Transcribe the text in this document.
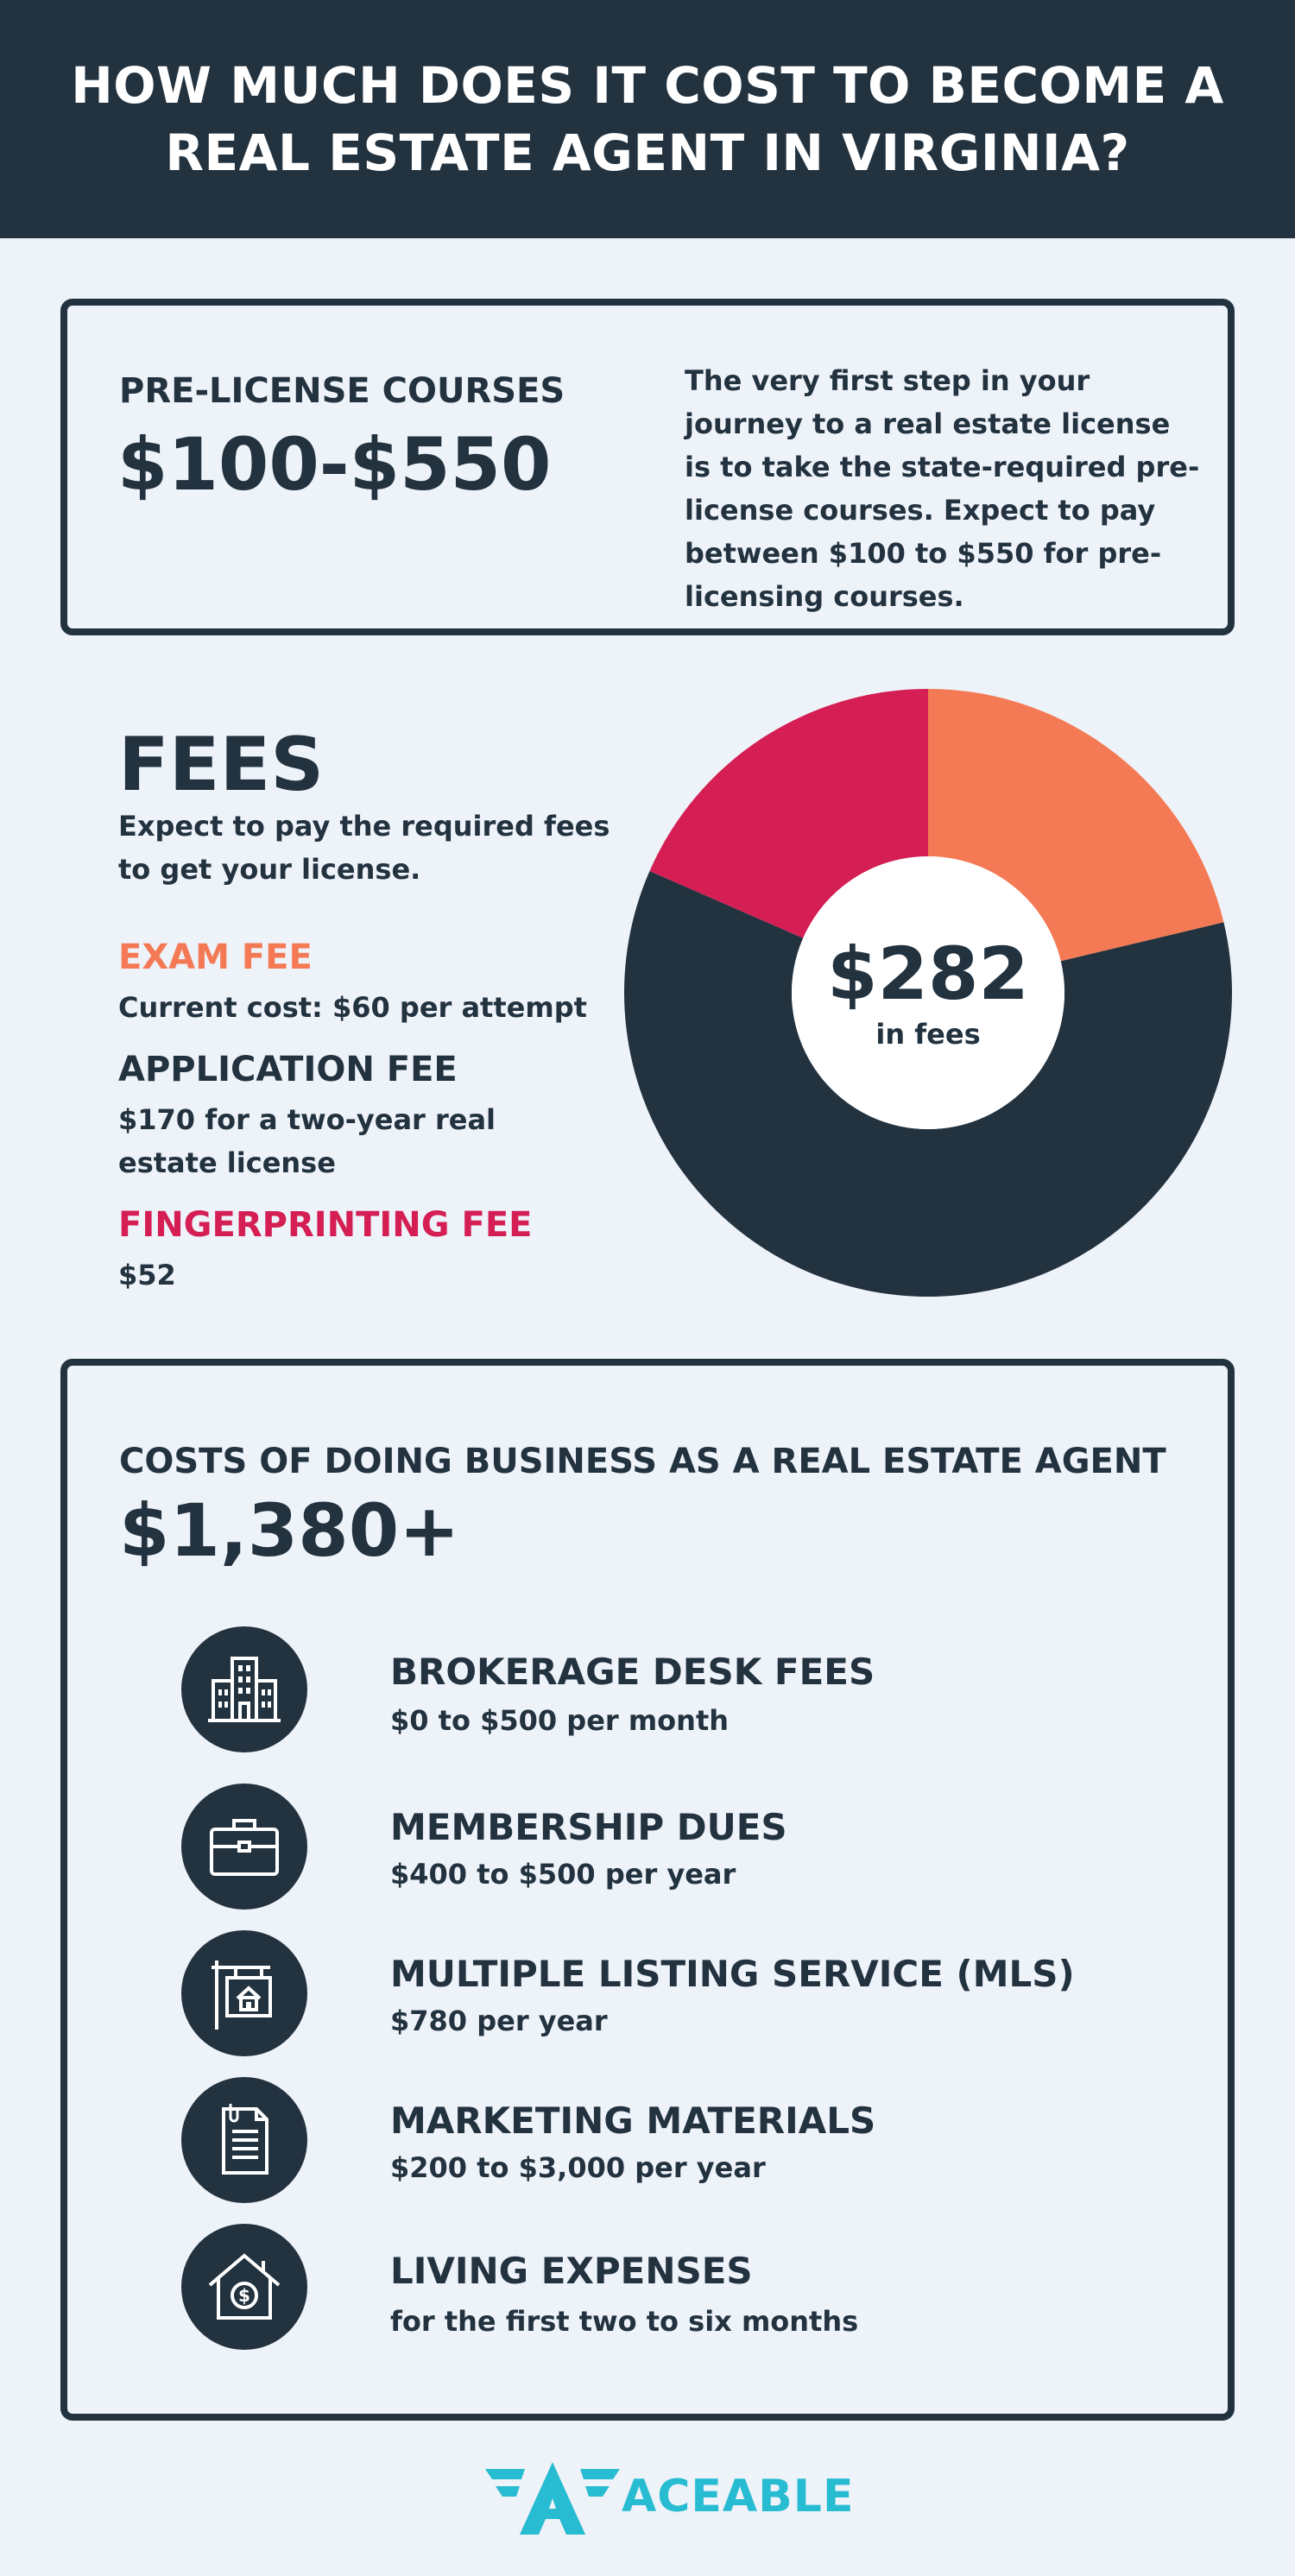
HOW MUCH DOES IT COST TO BECOME A
REAL ESTATE AGENT IN VIRGINIA?
PRE-LICENSE COURSES
$100-$550
The very first step in your journey to a real estate license is to take the state-required pre-license courses. Expect to pay between $100 to $550 for pre-licensing courses.
FEES
Expect to pay the required fees to get your license.
EXAM FEE
Current cost: $60 per attempt
APPLICATION FEE
$170 for a two-year real estate license
FINGERPRINTING FEE
$52
$282
in fees
COSTS OF DOING BUSINESS AS A REAL ESTATE AGENT
$1,380+
BROKERAGE DESK FEES
$0 to $500 per month
MEMBERSHIP DUES
$400 to $500 per year
MULTIPLE LISTING SERVICE (MLS)
$780 per year
MARKETING MATERIALS
$200 to $3,000 per year
$
LIVING EXPENSES
for the first two to six months
ACEABLE
